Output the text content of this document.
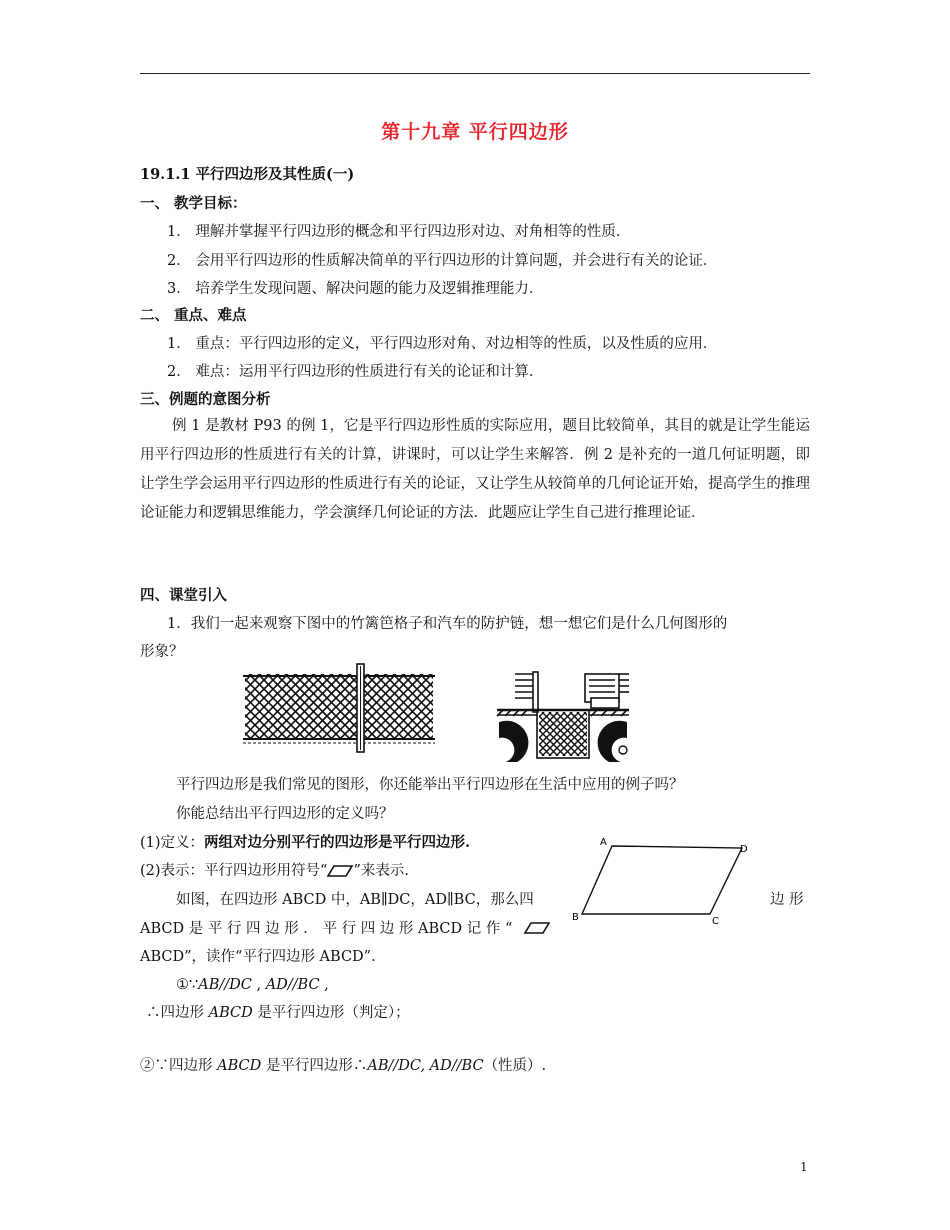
第十九章 平行四边形
19.1.1 平行四边形及其性质(一)
一、 教学目标：
1． 理解并掌握平行四边形的概念和平行四边形对边、对角相等的性质．
2． 会用平行四边形的性质解决简单的平行四边形的计算问题，并会进行有关的论证．
3． 培养学生发现问题、解决问题的能力及逻辑推理能力．
二、 重点、难点
1． 重点：平行四边形的定义，平行四边形对角、对边相等的性质，以及性质的应用．
2． 难点：运用平行四边形的性质进行有关的论证和计算．
三、例题的意图分析
例 1 是教材 P93 的例 1，它是平行四边形性质的实际应用，题目比较简单，其目的就是让学生能运用平行四边形的性质进行有关的计算，讲课时，可以让学生来解答．例 2 是补充的一道几何证明题，即让学生学会运用平行四边形的性质进行有关的论证，又让学生从较简单的几何论证开始，提高学生的推理论证能力和逻辑思维能力，学会演绎几何论证的方法．此题应让学生自己进行推理论证．
四、课堂引入
1．我们一起来观察下图中的竹篱笆格子和汽车的防护链，想一想它们是什么几何图形的
形象？
平行四边形是我们常见的图形，你还能举出平行四边形在生活中应用的例子吗？
你能总结出平行四边形的定义吗？
(1)定义：两组对边分别平行的四边形是平行四边形.
(2)表示：平行四边形用符号“ ”来表示.
如图，在四边形 ABCD 中，AB∥DC，AD∥BC，那么四	边 形
ABCD 是 平 行 四 边 形 ． 平 行 四 边 形 ABCD 记 作 “
ABCD”，读作“平行四边形 ABCD”．
A
B	C
D
①∵AB//DC , AD//BC ,
∴四边形 ABCD 是平行四边形（判定）；
②∵四边形 ABCD 是平行四边形∴AB//DC, AD//BC（性质）.
1
